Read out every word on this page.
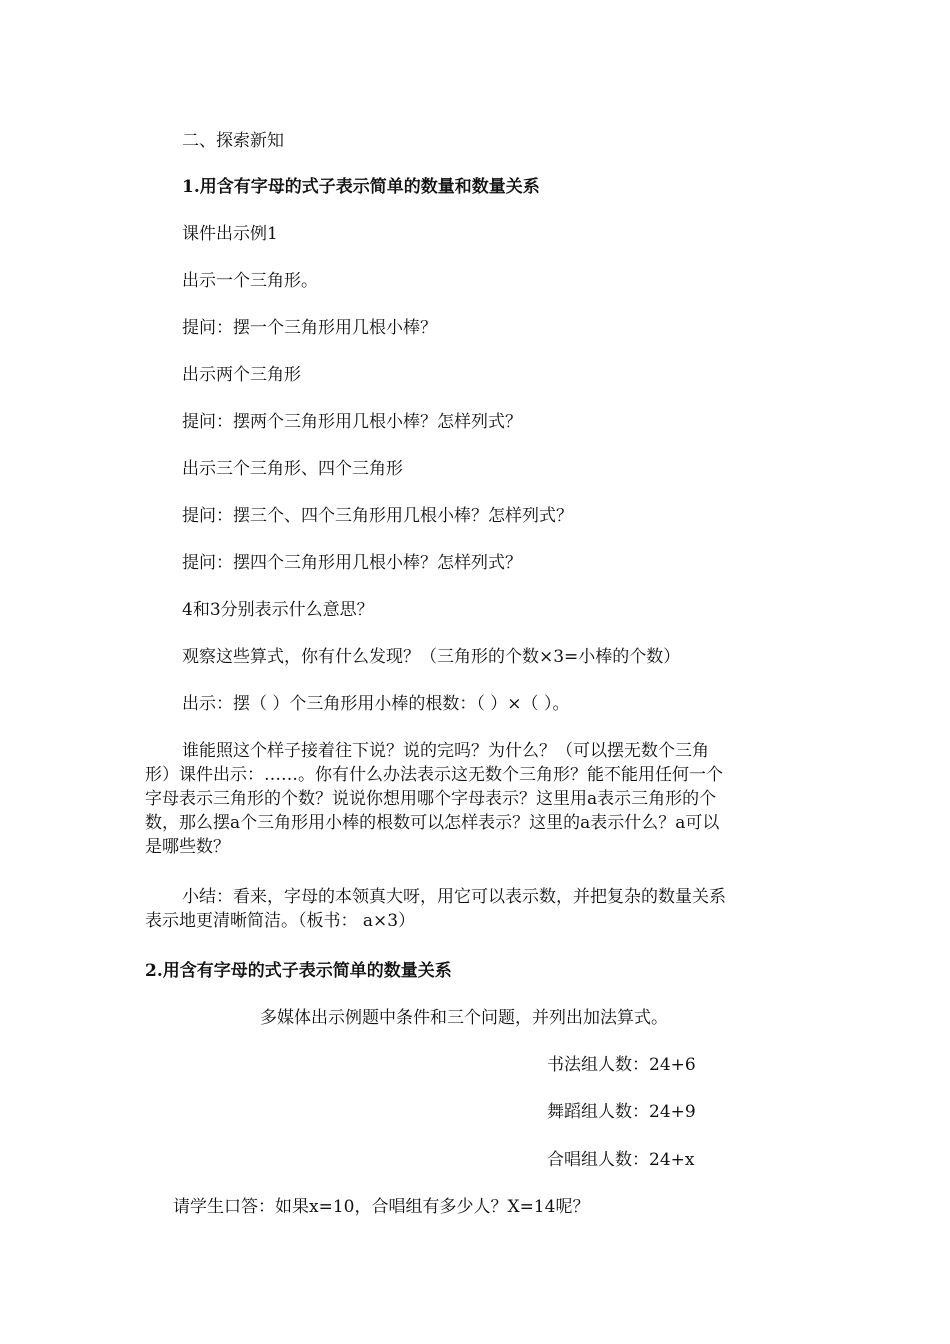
二、探索新知

1.用含有字母的式子表示简单的数量和数量关系

课件出示例1

出示一个三角形。

提问：摆一个三角形用几根小棒？

出示两个三角形

提问：摆两个三角形用几根小棒？怎样列式？

出示三个三角形、四个三角形

提问：摆三个、四个三角形用几根小棒？怎样列式？

提问：摆四个三角形用几根小棒？怎样列式？

4和3分别表示什么意思？

观察这些算式，你有什么发现？（三角形的个数×3=小棒的个数）

出示：摆（ ）个三角形用小棒的根数：（ ）×（ ）。

谁能照这个样子接着往下说？说的完吗？为什么？（可以摆无数个三角
形）课件出示：……。你有什么办法表示这无数个三角形？能不能用任何一个
字母表示三角形的个数？说说你想用哪个字母表示？这里用a表示三角形的个
数，那么摆a个三角形用小棒的根数可以怎样表示？这里的a表示什么？a可以
是哪些数？
小结：看来，字母的本领真大呀，用它可以表示数，并把复杂的数量关系
表示地更清晰简洁。（板书： a×3）

2.用含有字母的式子表示简单的数量关系

多媒体出示例题中条件和三个问题，并列出加法算式。

书法组人数：24+6

舞蹈组人数：24+9

合唱组人数：24+x

请学生口答：如果x=10，合唱组有多少人？X=14呢？
